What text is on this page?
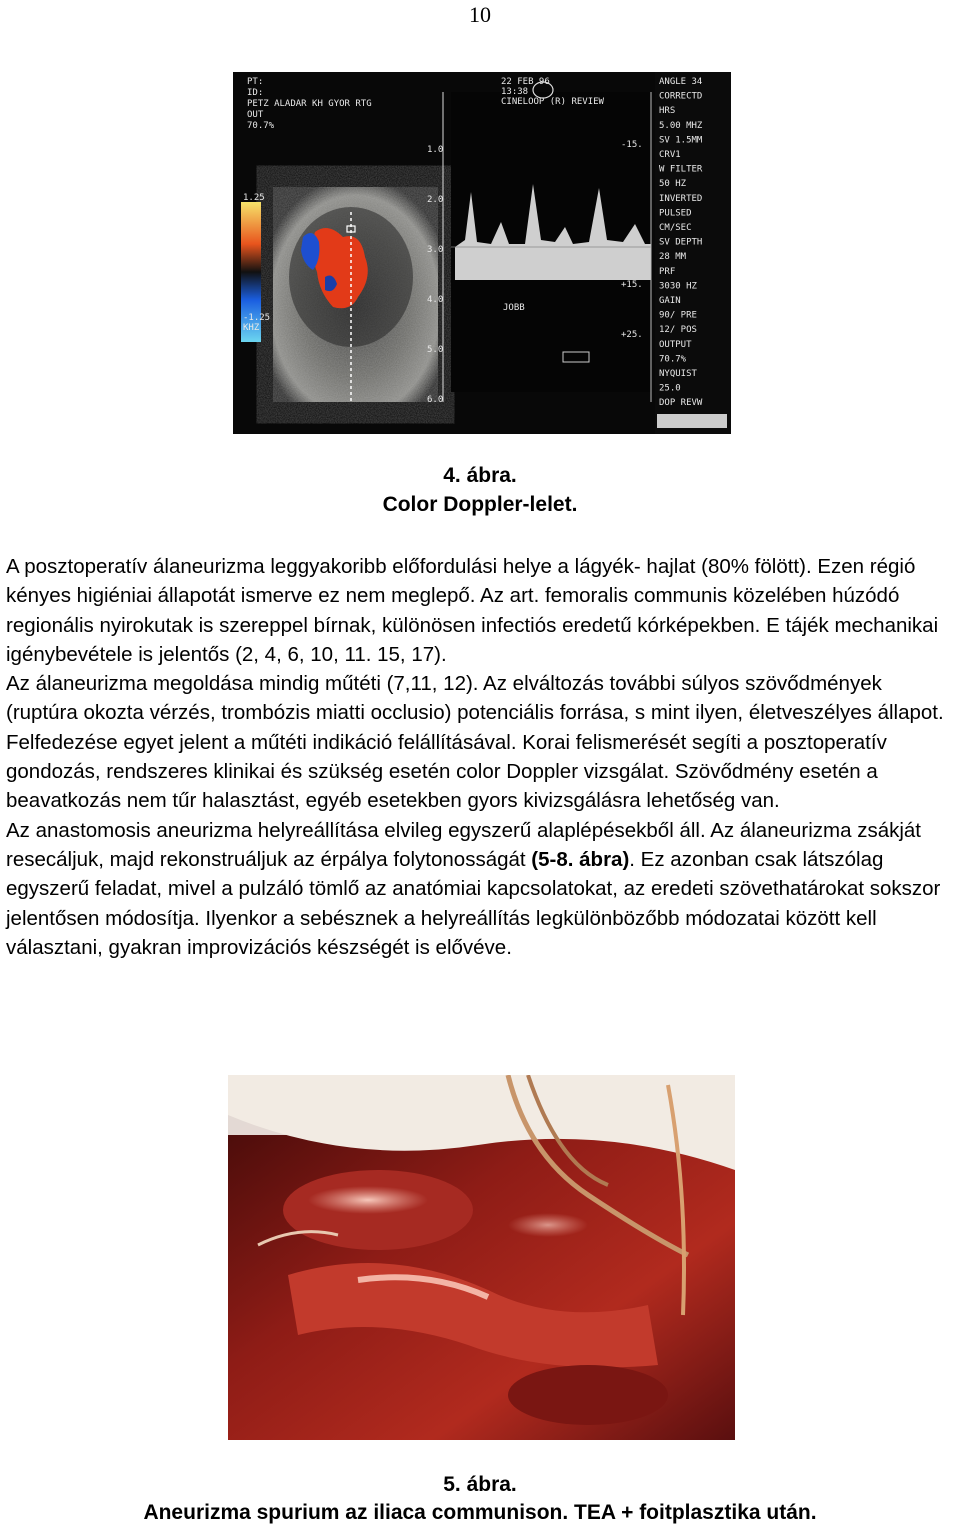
10
PT:
ID:
PETZ ALADAR KH GYOR RTG
OUT
70.7%
22 FEB 96
13:38
CINELOOP (R) REVIEW
1.25
-1.25
KHZ
1.0
2.0
3.0
4.0
5.0
6.0
-15.
+15.
+25.
ANGLE 34
CORRECTD
HRS
5.00 MHZ
SV 1.5MM
CRV1
W FILTER
50 HZ
INVERTED
PULSED
CM/SEC
SV DEPTH
28 MM
PRF
3030 HZ
GAIN
90/ PRE
12/ POS
OUTPUT
70.7%
NYQUIST
25.0
DOP REVW
JOBB
4. ábra.
Color Doppler-lelet.

A posztoperatív álaneurizma leggyakoribb előfordulási helye a lágyék- hajlat (80% fölött). Ezen régió kényes higiéniai állapotát ismerve ez nem meglepő. Az art. femoralis communis közelében húzódó regionális nyirokutak is szereppel bírnak, különösen infectiós eredetű kórképekben. E tájék mechanikai igénybevétele is jelentős (2, 4, 6, 10, 11. 15, 17).

Az álaneurizma megoldása mindig műtéti (7,11, 12). Az elváltozás további súlyos szövődmények (ruptúra okozta vérzés, trombózis miatti occlusio) potenciális forrása, s mint ilyen, életveszélyes állapot. Felfedezése egyet jelent a műtéti indikáció felállításával. Korai felismerését segíti a posztoperatív gondozás, rendszeres klinikai és szükség esetén color Doppler vizsgálat. Szövődmény esetén a beavatkozás nem tűr halasztást, egyéb esetekben gyors kivizsgálásra lehetőség van.

Az anastomosis aneurizma helyreállítása elvileg egyszerű alaplépésekből áll. Az álaneurizma zsákját resecáljuk, majd rekonstruáljuk az érpálya folytonosságát (5-8. ábra). Ez azonban csak látszólag egyszerű feladat, mivel a pulzáló tömlő az anatómiai kapcsolatokat, az eredeti szövethatárokat sokszor jelentősen módosítja. Ilyenkor a sebésznek a helyreállítás legkülönbözőbb módozatai között kell választani, gyakran improvizációs készségét is elővéve.

5. ábra.
Aneurizma spurium az iliaca communison. TEA + foitplasztika után.
